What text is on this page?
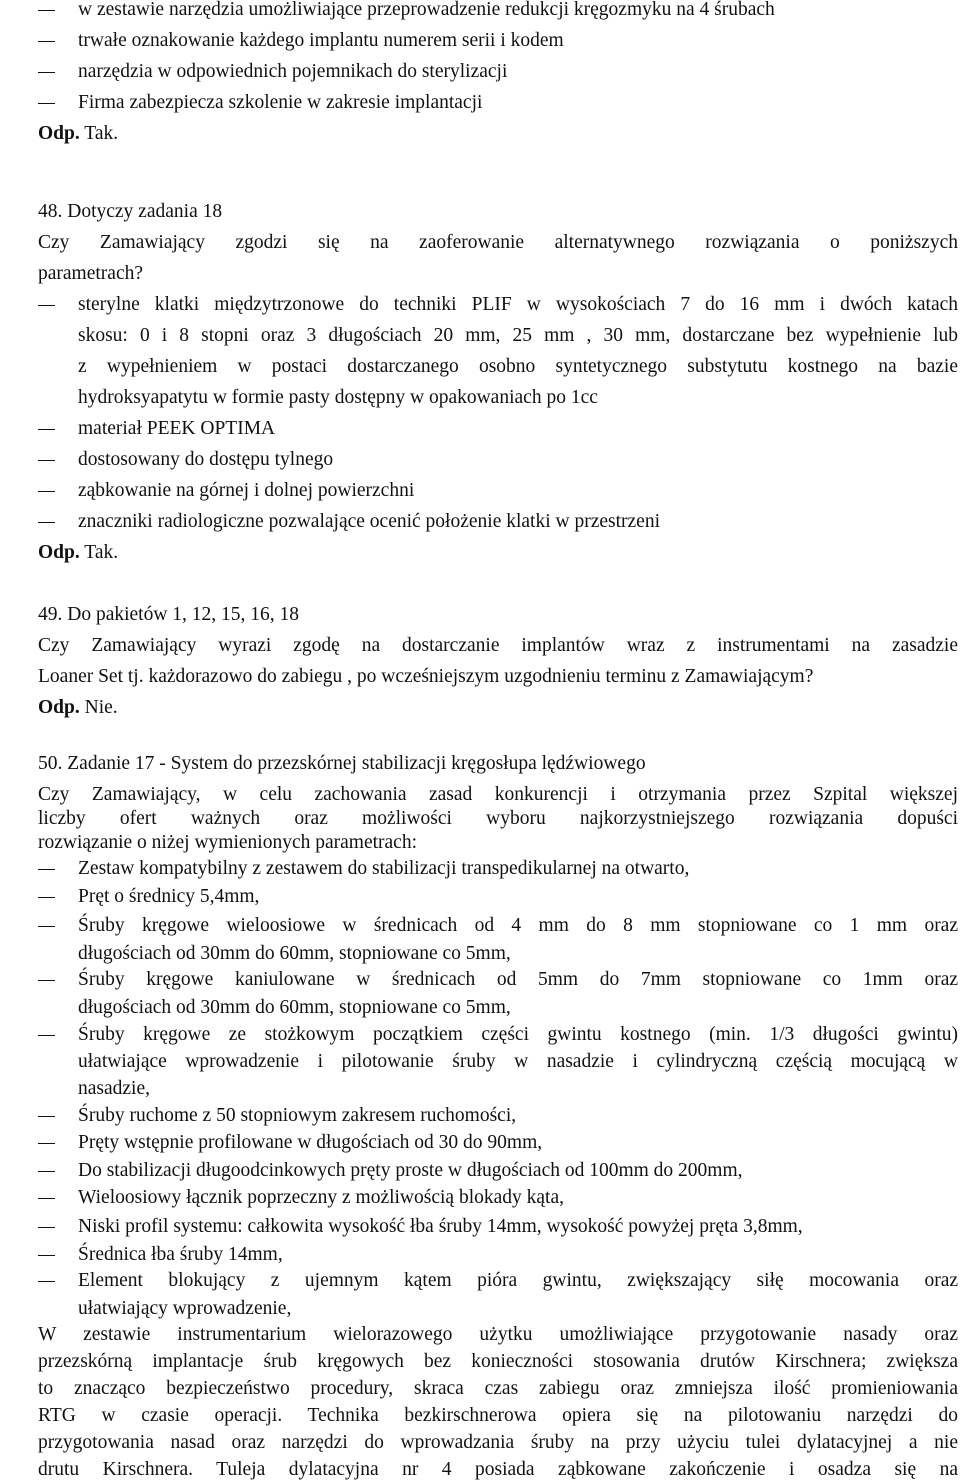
w zestawie narzędzia umożliwiające przeprowadzenie redukcji kręgozmyku na 4 śrubach
trwałe oznakowanie każdego implantu numerem serii i kodem
narzędzia w odpowiednich pojemnikach do sterylizacji
Firma zabezpiecza szkolenie w zakresie implantacji
Odp. Tak.
48. Dotyczy zadania 18
Czy Zamawiający zgodzi się na zaoferowanie alternatywnego rozwiązania o poniższych
parametrach?
sterylne klatki międzytrzonowe do techniki PLIF w wysokościach 7 do 16 mm i dwóch katach
skosu: 0 i 8 stopni oraz 3 długościach 20 mm, 25 mm , 30 mm, dostarczane bez wypełnienie lub
z wypełnieniem w postaci dostarczanego osobno syntetycznego substytutu kostnego na bazie
hydroksyapatytu w formie pasty dostępny w opakowaniach po 1cc
materiał PEEK OPTIMA
dostosowany do dostępu tylnego
ząbkowanie na górnej i dolnej powierzchni
znaczniki radiologiczne pozwalające ocenić położenie klatki w przestrzeni
Odp. Tak.
49. Do pakietów 1, 12, 15, 16, 18
Czy Zamawiający wyrazi zgodę na dostarczanie implantów wraz z instrumentami na zasadzie
Loaner Set tj. każdorazowo do zabiegu , po wcześniejszym uzgodnieniu terminu z Zamawiającym?
Odp. Nie.
50. Zadanie 17 - System do przezskórnej stabilizacji kręgosłupa lędźwiowego
Czy Zamawiający, w celu zachowania zasad konkurencji i otrzymania przez Szpital większej
liczby ofert ważnych oraz możliwości wyboru najkorzystniejszego rozwiązania dopuści
rozwiązanie o niżej wymienionych parametrach:
Zestaw kompatybilny z zestawem do stabilizacji transpedikularnej na otwarto,
Pręt o średnicy 5,4mm,
Śruby kręgowe wieloosiowe w średnicach od 4 mm do 8 mm stopniowane co 1 mm oraz
długościach od 30mm do 60mm, stopniowane co 5mm,
Śruby kręgowe kaniulowane w średnicach od 5mm do 7mm stopniowane co 1mm oraz
długościach od 30mm do 60mm, stopniowane co 5mm,
Śruby kręgowe ze stożkowym początkiem części gwintu kostnego (min. 1/3 długości gwintu)
ułatwiające wprowadzenie i pilotowanie śruby w nasadzie i cylindryczną częścią mocującą w
nasadzie,
Śruby ruchome z 50 stopniowym zakresem ruchomości,
Pręty wstępnie profilowane w długościach od 30 do 90mm,
Do stabilizacji długoodcinkowych pręty proste w długościach od 100mm do 200mm,
Wieloosiowy łącznik poprzeczny z możliwością blokady kąta,
Niski profil systemu: całkowita wysokość łba śruby 14mm, wysokość powyżej pręta 3,8mm,
Średnica łba śruby 14mm,
Element blokujący z ujemnym kątem pióra gwintu, zwiększający siłę mocowania oraz
ułatwiający wprowadzenie,
W zestawie instrumentarium wielorazowego użytku umożliwiające przygotowanie nasady oraz
przezskórną implantacje śrub kręgowych bez konieczności stosowania drutów Kirschnera; zwiększa
to znacząco bezpieczeństwo procedury, skraca czas zabiegu oraz zmniejsza ilość promieniowania
RTG w czasie operacji. Technika bezkirschnerowa opiera się na pilotowaniu narzędzi do
przygotowania nasad oraz narzędzi do wprowadzania śruby na przy użyciu tulei dylatacyjnej a nie
drutu Kirschnera. Tuleja dylatacyjna nr 4 posiada ząbkowane zakończenie i osadza się na
